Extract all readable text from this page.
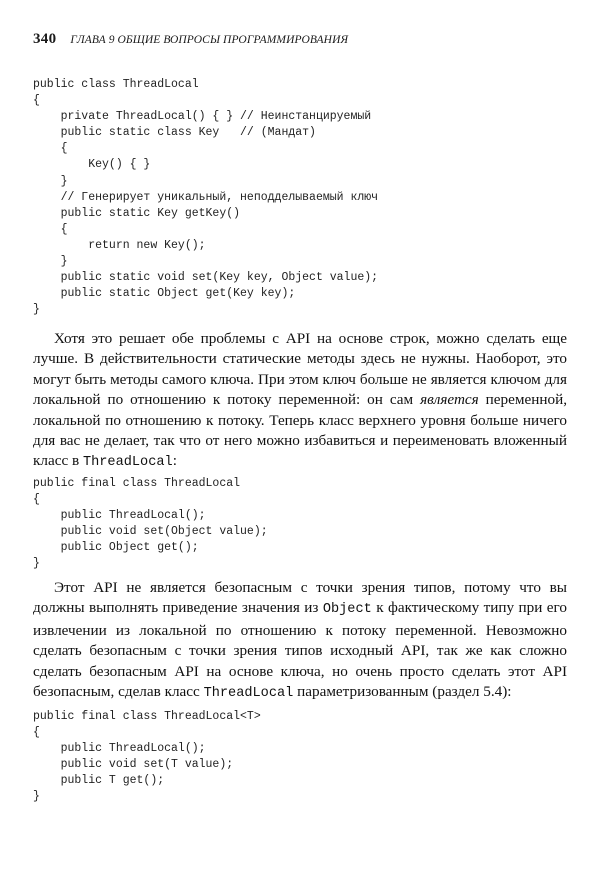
340 ГЛАВА 9 ОБЩИЕ ВОПРОСЫ ПРОГРАММИРОВАНИЯ
public class ThreadLocal
{
private ThreadLocal() { } // Неинстанцируемый
public static class Key   // (Мандат)
{
Key() { }
}
// Генерирует уникальный, неподделываемый ключ
public static Key getKey()
{
return new Key();
}
public static void set(Key key, Object value);
public static Object get(Key key);
}

Хотя это решает обе проблемы с API на основе строк, можно сделать еще лучше. В действительности статические методы здесь не нужны. Наоборот, это могут быть методы самого ключа. При этом ключ больше не является ключом для локальной по отношению к потоку переменной: он сам является переменной, локальной по отношению к потоку. Теперь класс верхнего уровня больше ничего для вас не делает, так что от него можно избавиться и переименовать вложенный класс в ThreadLocal:

public final class ThreadLocal
{
public ThreadLocal();
public void set(Object value);
public Object get();
}

Этот API не является безопасным с точки зрения типов, потому что вы должны выполнять приведение значения из Object к фактическому типу при его извлечении из локальной по отношению к потоку переменной. Невозможно сделать безопасным с точки зрения типов исходный API, так же как сложно сделать безопасным API на основе ключа, но очень просто сделать этот API безопасным, сделав класс ThreadLocal параметризованным (раздел 5.4):

public final class ThreadLocal<T>
{
public ThreadLocal();
public void set(T value);
public T get();
}
